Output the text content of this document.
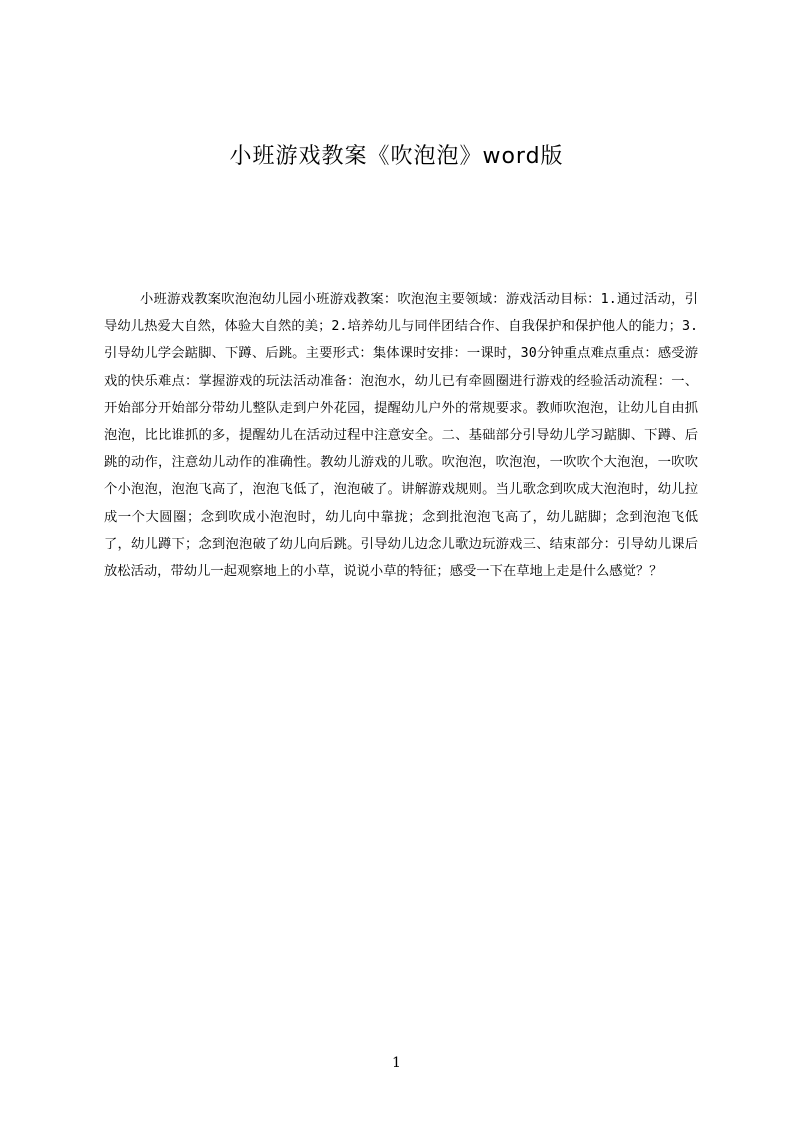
小班游戏教案《吹泡泡》word版
小班游戏教案吹泡泡幼儿园小班游戏教案：吹泡泡主要领域：游戏活动目标：1.通过活动，引导幼儿热爱大自然，体验大自然的美；2.培养幼儿与同伴团结合作、自我保护和保护他人的能力；3.引导幼儿学会踮脚、下蹲、后跳。主要形式：集体课时安排：一课时，30分钟重点难点重点：感受游戏的快乐难点：掌握游戏的玩法活动准备：泡泡水，幼儿已有牵圆圈进行游戏的经验活动流程：一、开始部分开始部分带幼儿整队走到户外花园，提醒幼儿户外的常规要求。教师吹泡泡，让幼儿自由抓泡泡，比比谁抓的多，提醒幼儿在活动过程中注意安全。二、基础部分引导幼儿学习踮脚、下蹲、后跳的动作，注意幼儿动作的准确性。教幼儿游戏的儿歌。吹泡泡，吹泡泡，一吹吹个大泡泡，一吹吹个小泡泡，泡泡飞高了，泡泡飞低了，泡泡破了。讲解游戏规则。当儿歌念到吹成大泡泡时，幼儿拉成一个大圆圈；念到吹成小泡泡时，幼儿向中靠拢；念到批泡泡飞高了，幼儿踮脚；念到泡泡飞低了，幼儿蹲下；念到泡泡破了幼儿向后跳。引导幼儿边念儿歌边玩游戏三、结束部分：引导幼儿课后放松活动，带幼儿一起观察地上的小草，说说小草的特征；感受一下在草地上走是什么感觉？？
1
